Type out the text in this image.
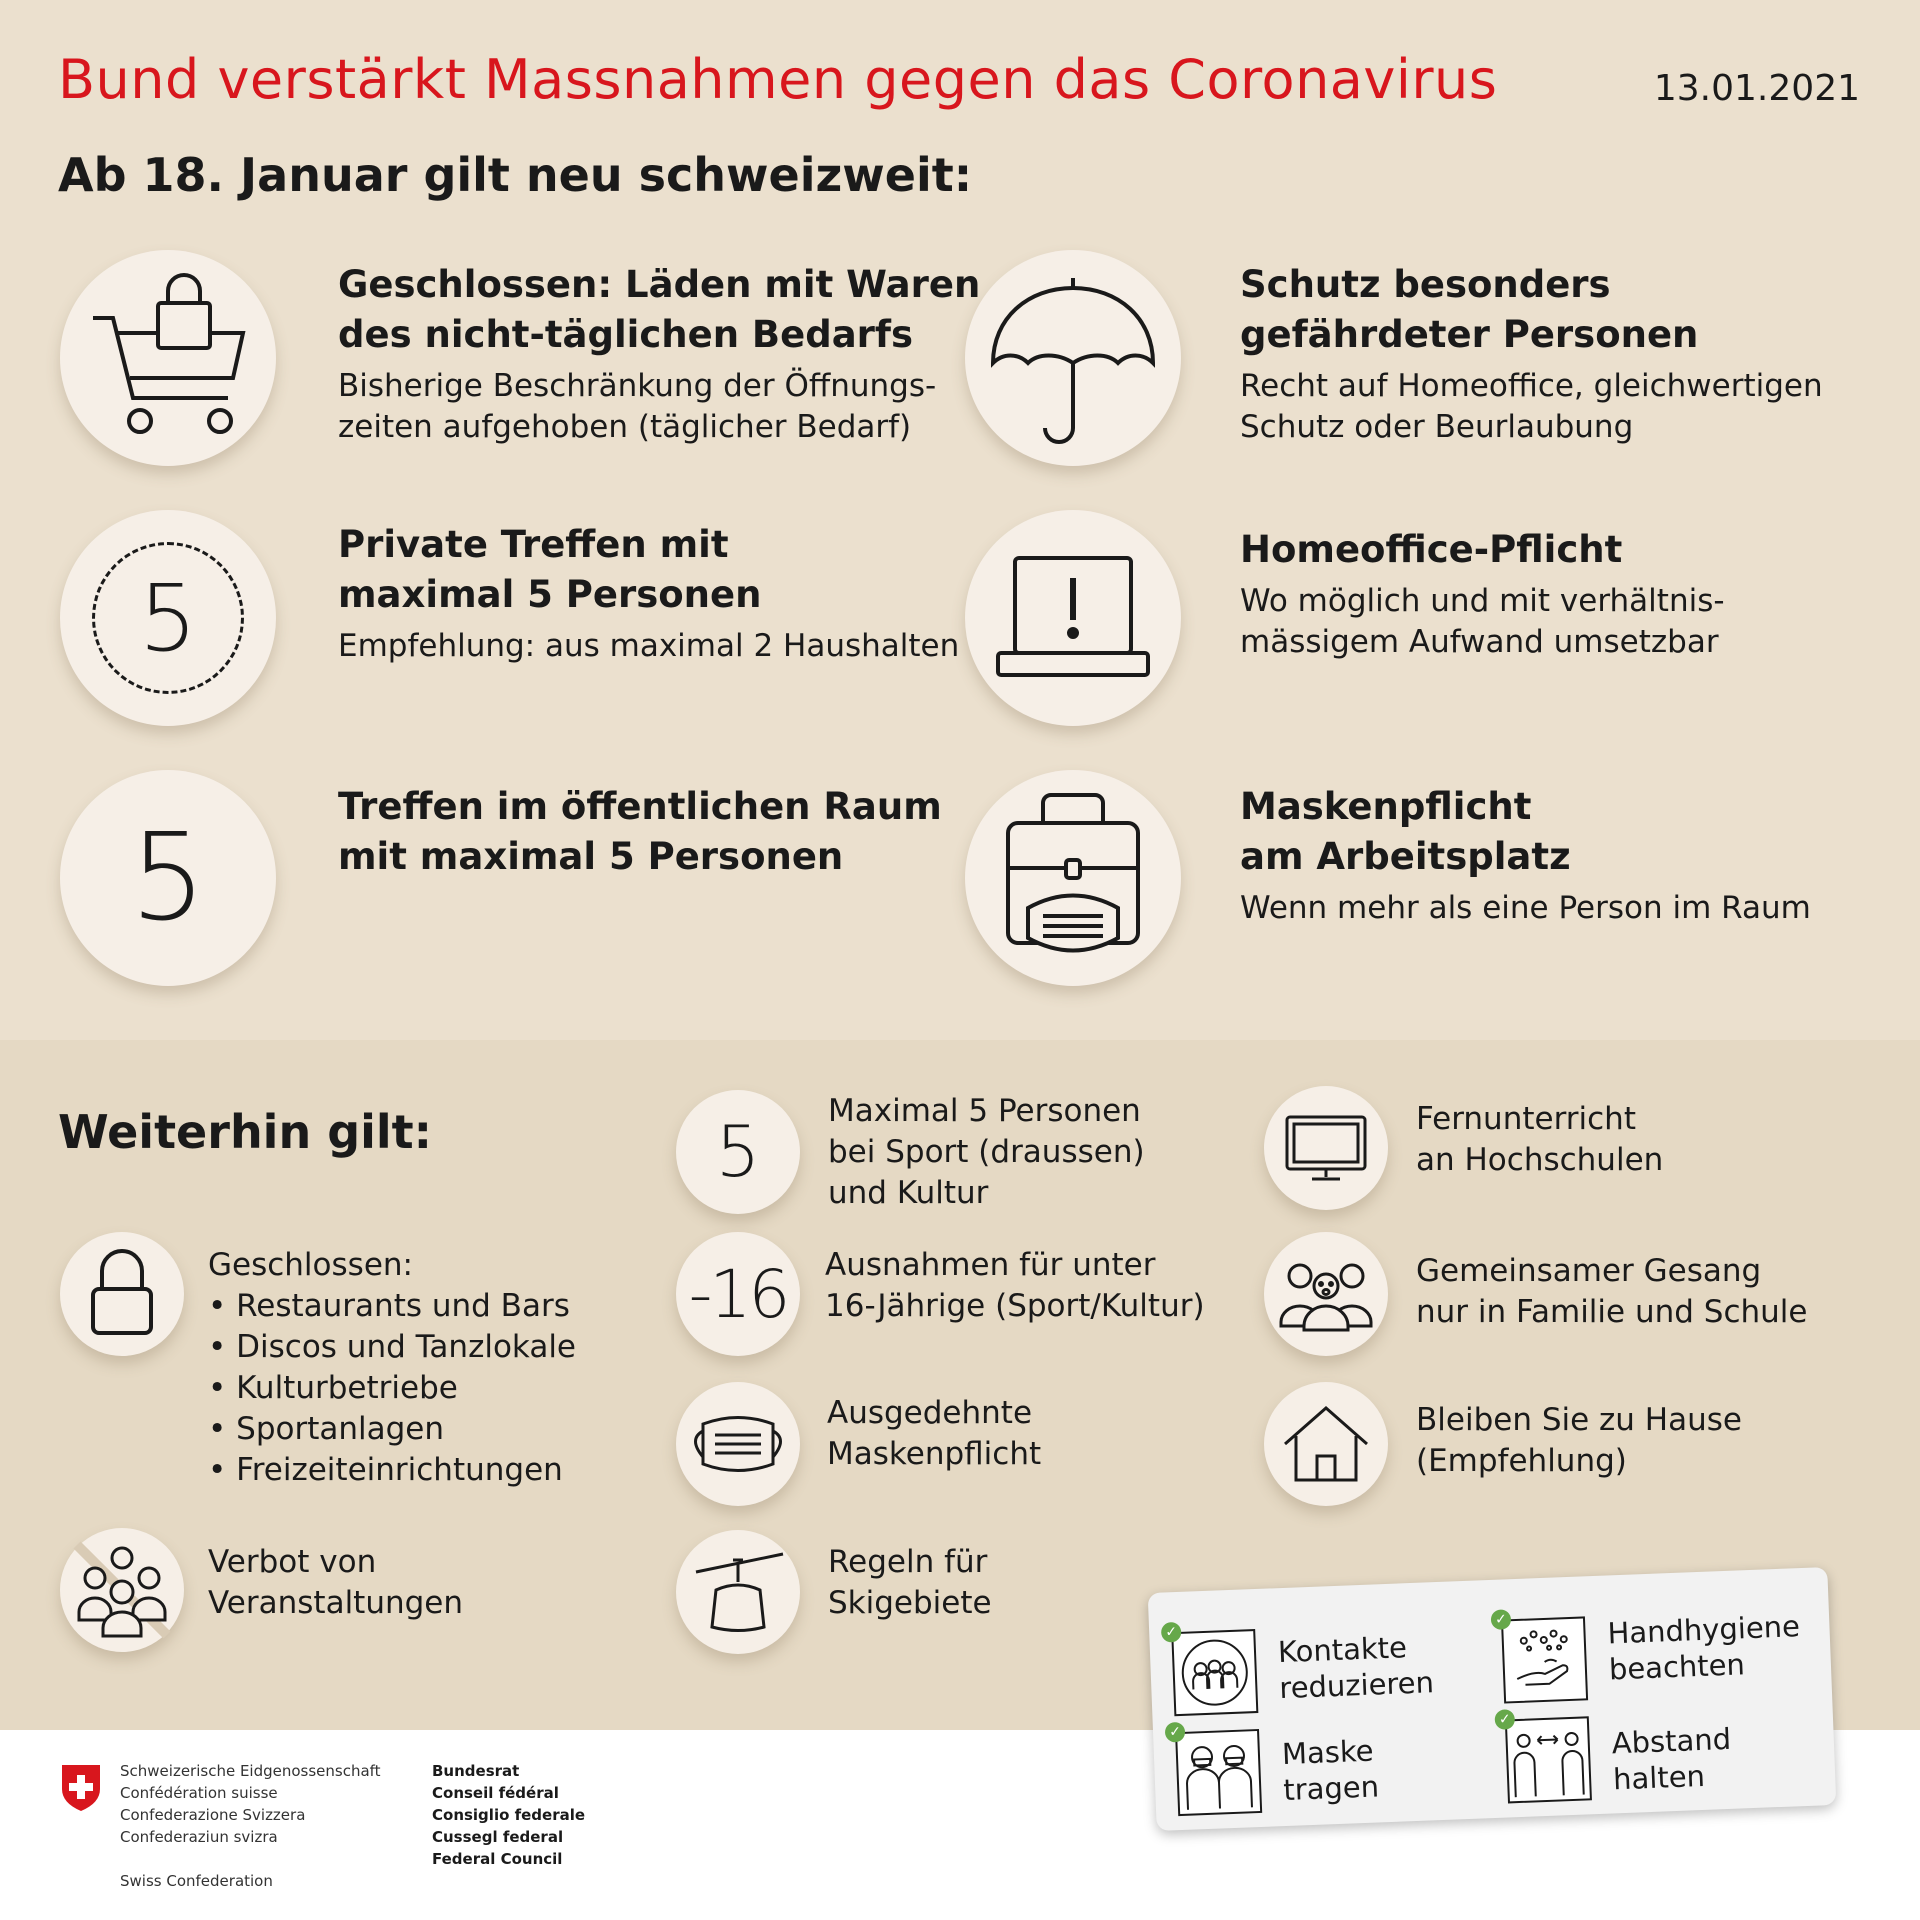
Bund verstärkt Massnahmen gegen das Coronavirus	13.01.2021
Ab 18. Januar gilt neu schweizweit:
Geschlossen: Läden mit Waren
des nicht-täglichen Bedarfs
Bisherige Beschränkung der Öffnungs-
zeiten aufgehoben (täglicher Bedarf)
Schutz besonders
gefährdeter Personen
Recht auf Homeoffice, gleichwertigen
Schutz oder Beurlaubung
5
Private Treffen mit
maximal 5 Personen
Empfehlung: aus maximal 2 Haushalten
Homeoffice-Pflicht
Wo möglich und mit verhältnis-
mässigem Aufwand umsetzbar
5
Treffen im öffentlichen Raum
mit maximal 5 Personen
Maskenpflicht
am Arbeitsplatz
Wenn mehr als eine Person im Raum
Weiterhin gilt:
Geschlossen:
• Restaurants und Bars
• Discos und Tanzlokale
• Kulturbetriebe
• Sportanlagen
• Freizeiteinrichtungen
Verbot von
Veranstaltungen
5 Maximal 5 Personen
bei Sport (draussen)
und Kultur
-16 Ausnahmen für unter
16-Jährige (Sport/Kultur)
Ausgedehnte
Maskenpflicht
Regeln für
Skigebiete
Fernunterricht
an Hochschulen
Gemeinsamer Gesang
nur in Familie und Schule
Bleiben Sie zu Hause
(Empfehlung)
✓	Kontakte
reduzieren
✓	Handhygiene
beachten
✓
Maske
tragen
✓
Abstand
halten
Schweizerische Eidgenossenschaft
Confédération suisse
Confederazione Svizzera
Confederaziun svizra
Swiss Confederation
Bundesrat
Conseil fédéral
Consiglio federale
Cussegl federal
Federal Council
